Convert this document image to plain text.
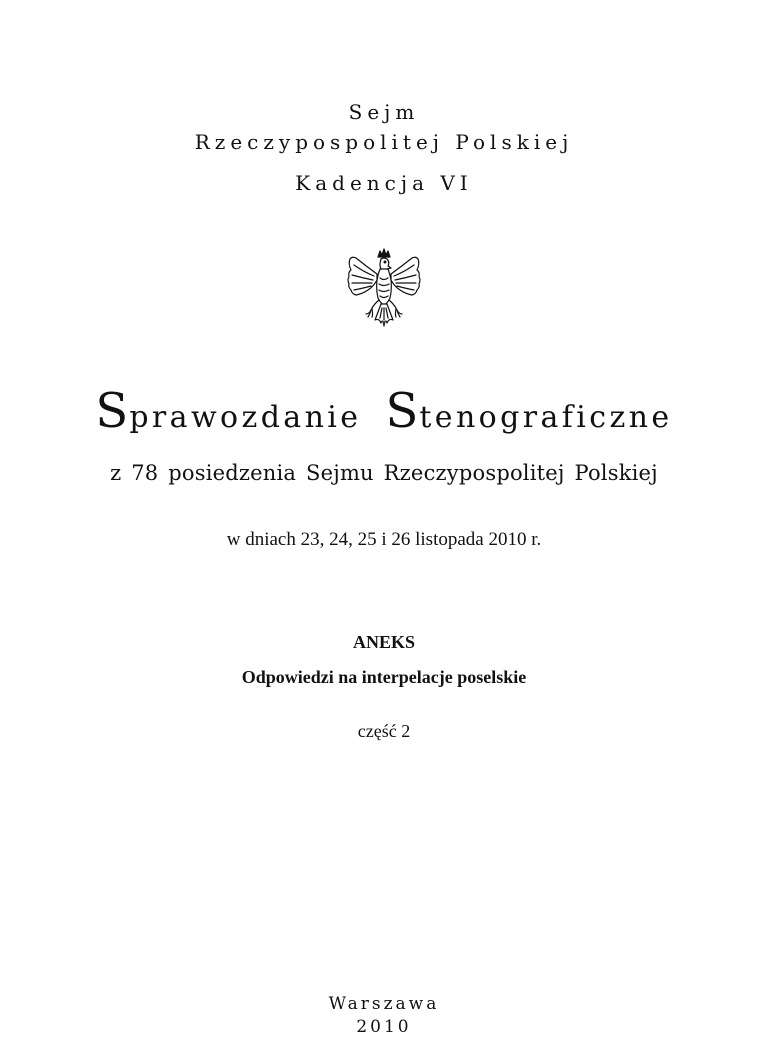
Sejm
Rzeczypospolitej Polskiej
Kadencja VI
Sprawozdanie Stenograficzne
z 78 posiedzenia Sejmu Rzeczypospolitej Polskiej
w dniach 23, 24, 25 i 26 listopada 2010 r.
ANEKS
Odpowiedzi na interpelacje poselskie
część 2
Warszawa
2010
